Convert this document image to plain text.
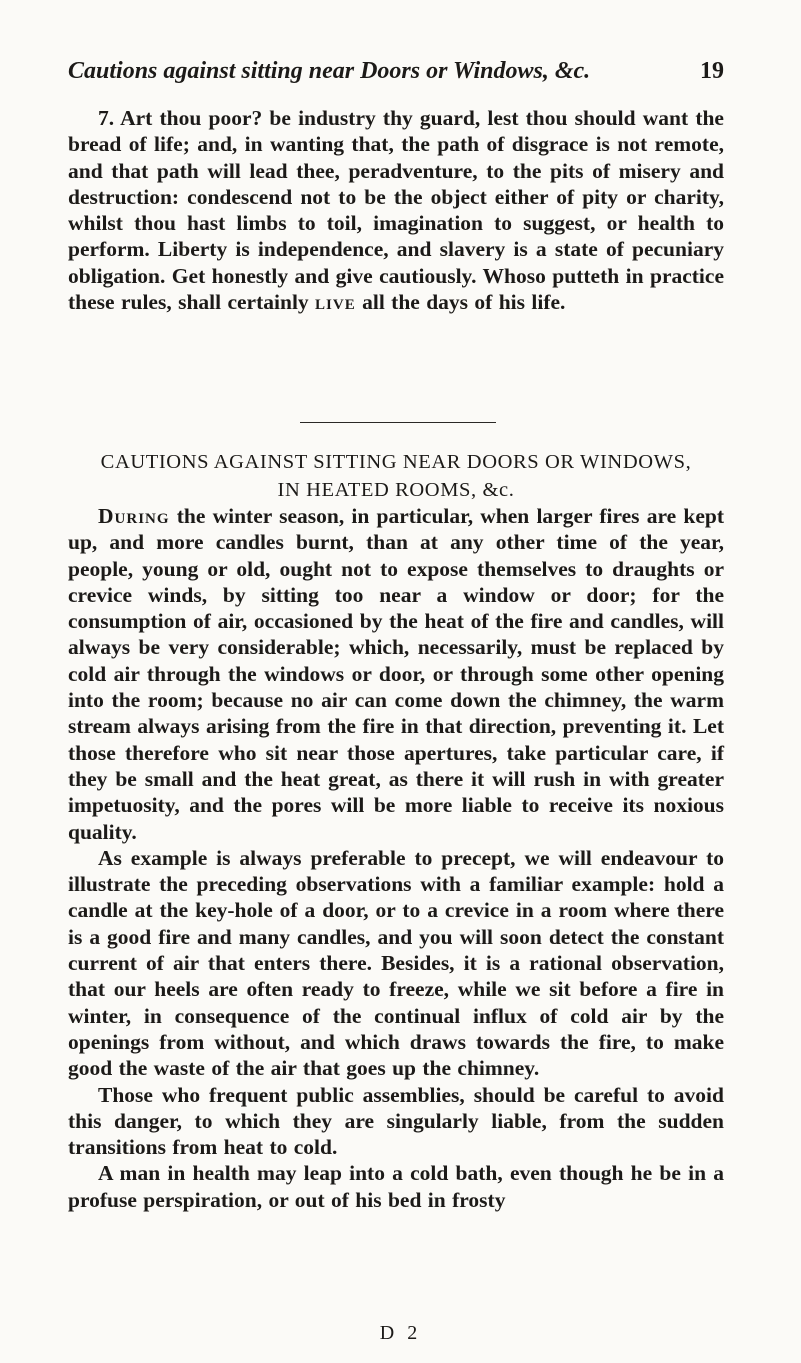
Cautions against sitting near Doors or Windows, &c.	19

7. Art thou poor? be industry thy guard, lest thou should want the bread of life; and, in wanting that, the path of disgrace is not remote, and that path will lead thee, peradventure, to the pits of misery and destruction: condescend not to be the object either of pity or charity, whilst thou hast limbs to toil, imagination to suggest, or health to perform. Liberty is independence, and slavery is a state of pecuniary obligation. Get honestly and give cautiously. Whoso putteth in practice these rules, shall certainly live all the days of his life.

CAUTIONS AGAINST SITTING NEAR DOORS OR WINDOWS,
IN HEATED ROOMS, &c.
During the winter season, in particular, when larger fires are kept up, and more candles burnt, than at any other time of the year, people, young or old, ought not to expose themselves to draughts or crevice winds, by sitting too near a window or door; for the consumption of air, occasioned by the heat of the fire and candles, will always be very considerable; which, necessarily, must be replaced by cold air through the windows or door, or through some other opening into the room; because no air can come down the chimney, the warm stream always arising from the fire in that direction, preventing it. Let those therefore who sit near those apertures, take particular care, if they be small and the heat great, as there it will rush in with greater impetuosity, and the pores will be more liable to receive its noxious quality.
As example is always preferable to precept, we will endeavour to illustrate the preceding observations with a familiar example: hold a candle at the key-hole of a door, or to a crevice in a room where there is a good fire and many candles, and you will soon detect the constant current of air that enters there. Besides, it is a rational observation, that our heels are often ready to freeze, while we sit before a fire in winter, in consequence of the continual influx of cold air by the openings from without, and which draws towards the fire, to make good the waste of the air that goes up the chimney.
Those who frequent public assemblies, should be careful to avoid this danger, to which they are singularly liable, from the sudden transitions from heat to cold.
A man in health may leap into a cold bath, even though he be in a profuse perspiration, or out of his bed in frosty
D 2
